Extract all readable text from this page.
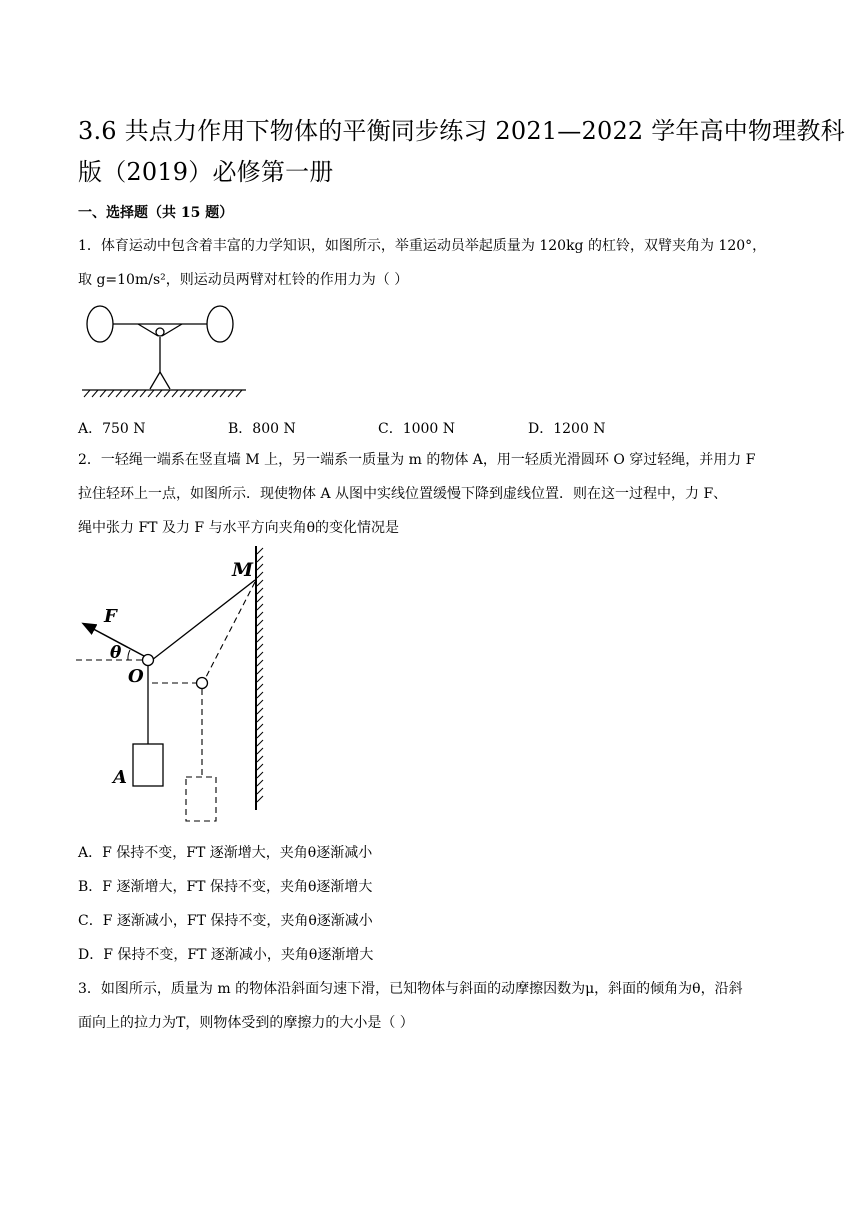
3.6 共点力作用下物体的平衡同步练习 2021—2022 学年高中物理教科
版（2019）必修第一册
一、选择题（共 15 题）
1．体育运动中包含着丰富的力学知识，如图所示，举重运动员举起质量为 120kg 的杠铃，双臂夹角为 120°，
取 g=10m/s²，则运动员两臂对杠铃的作用力为（ ）
A．750 N	B．800 N	C．1000 N	D．1200 N
2．一轻绳一端系在竖直墙 M 上，另一端系一质量为 m 的物体 A，用一轻质光滑圆环 O 穿过轻绳，并用力 F
拉住轻环上一点，如图所示．现使物体 A 从图中实线位置缓慢下降到虚线位置．则在这一过程中，力 F、
绳中张力 FT 及力 F 与水平方向夹角θ的变化情况是
M
F
θ
O
A
A．F 保持不变，FT 逐渐增大，夹角θ逐渐减小
B．F 逐渐增大，FT 保持不变，夹角θ逐渐增大
C．F 逐渐减小，FT 保持不变，夹角θ逐渐减小
D．F 保持不变，FT 逐渐减小，夹角θ逐渐增大
3．如图所示，质量为 m 的物体沿斜面匀速下滑，已知物体与斜面的动摩擦因数为μ，斜面的倾角为θ，沿斜
面向上的拉力为T，则物体受到的摩擦力的大小是（ ）
